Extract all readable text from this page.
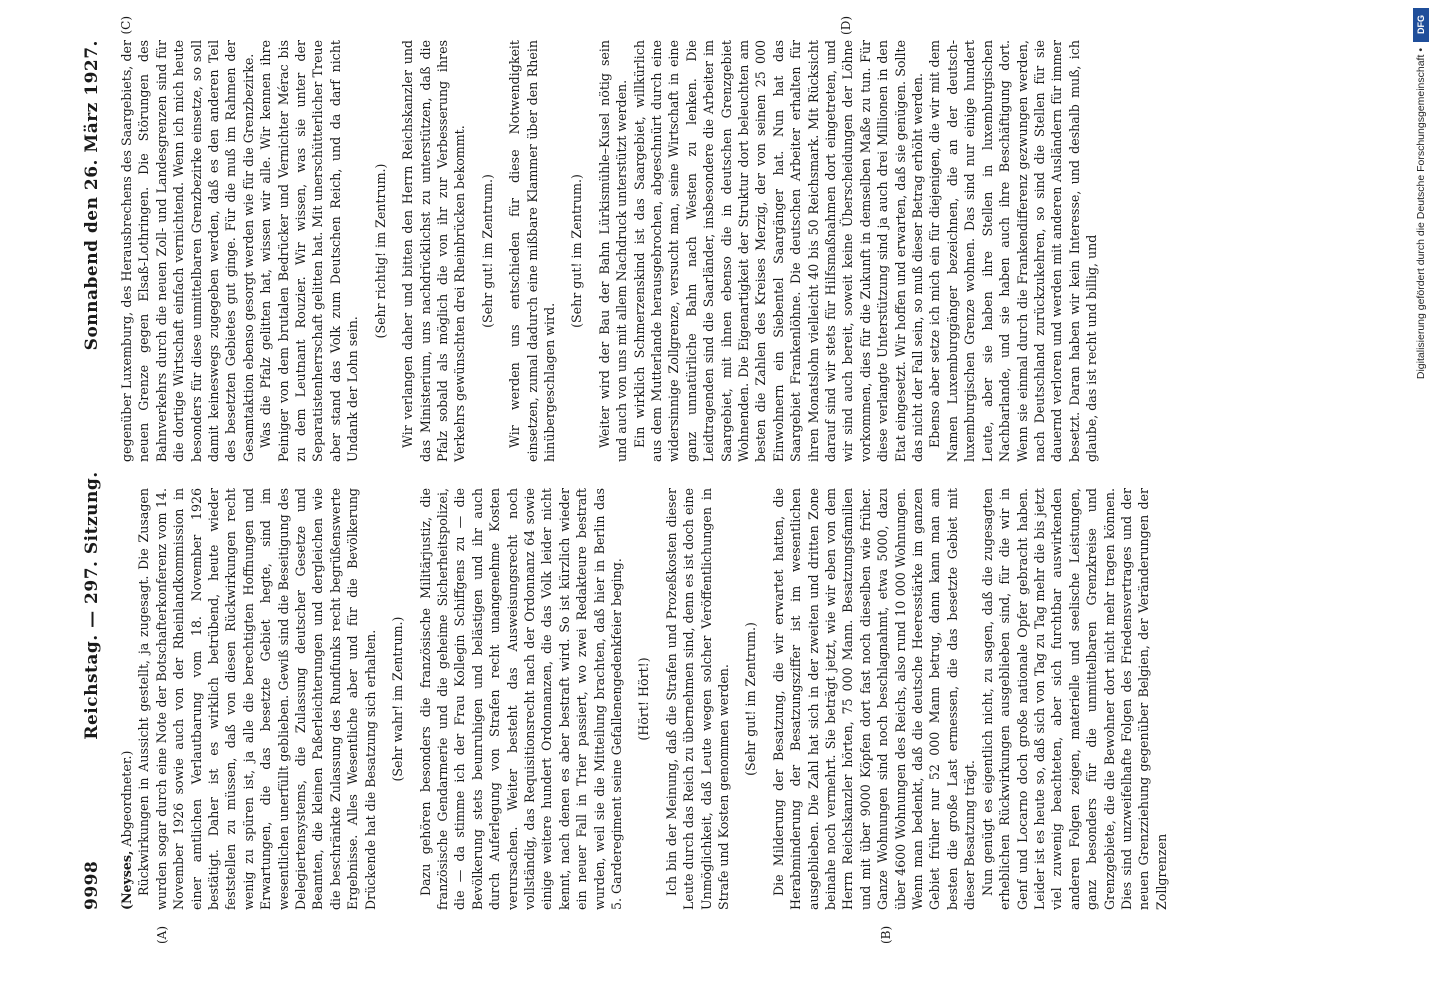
9998
Reichstag. — 297. Sitzung.
Sonnabend den 26. März 1927.
(A)	(B)

(Neyses, Abgeordneter.) Rückwirkungen in Aussicht gestellt, ja zugesagt. Die Zusagen wurden sogar durch eine Note der Botschafterkonferenz vom 14. November 1926 sowie auch von der Rheinlandkommission in einer amtlichen Verlautbarung vom 18. November 1926 bestätigt. Daher ist es wirklich betrübend, heute wieder feststellen zu müssen, daß von diesen Rückwirkungen recht wenig zu spüren ist, ja alle die berechtigten Hoffnungen und Erwartungen, die das besetzte Gebiet hegte, sind im wesentlichen unerfüllt geblieben. Gewiß sind die Beseitigung des Delegiertensystems, die Zulassung deutscher Gesetze und Beamten, die kleinen Paßerleichterungen und dergleichen wie die beschränkte Zulassung des Rundfunks recht begrüßenswerte Ergebnisse. Alles Wesentliche aber und für die Bevölkerung Drückende hat die Besatzung sich erhalten. (Sehr wahr! im Zentrum.) Dazu gehören besonders die französische Militärjustiz, die französische Gendarmerie und die geheime Sicherheitspolizei, die — da stimme ich der Frau Kollegin Schiffgens zu — die Bevölkerung stets beunruhigen und belästigen und ihr auch durch Auferlegung von Strafen recht unangenehme Kosten verursachen. Weiter besteht das Ausweisungsrecht noch vollständig, das Requisitionsrecht nach der Ordonnanz 64 sowie einige weitere hundert Ordonnanzen, die das Volk leider nicht kennt, nach denen es aber bestraft wird. So ist kürzlich wieder ein neuer Fall in Trier passiert, wo zwei Redakteure bestraft wurden, weil sie die Mitteilung brachten, daß hier in Berlin das 5. Garderegiment seine Gefallenengedenkfeier beging. (Hört! Hört!) Ich bin der Meinung, daß die Strafen und Prozeßkosten dieser Leute durch das Reich zu übernehmen sind, denn es ist doch eine Unmöglichkeit, daß Leute wegen solcher Veröffentlichungen in Strafe und Kosten genommen werden. (Sehr gut! im Zentrum.) Die Milderung der Besatzung, die wir erwartet hatten, die Herabminderung der Besatzungsziffer ist im wesentlichen ausgeblieben. Die Zahl hat sich in der zweiten und dritten Zone beinahe noch vermehrt. Sie beträgt jetzt, wie wir eben von dem Herrn Reichskanzler hörten, 75 000 Mann. Besatzungsfamilien und mit über 9000 Köpfen dort fast noch dieselben wie früher. Ganze Wohnungen sind noch beschlagnahmt, etwa 5000, dazu über 4600 Wohnungen des Reichs, also rund 10 000 Wohnungen. Wenn man bedenkt, daß die deutsche Heeresstärke im ganzen Gebiet früher nur 52 000 Mann betrug, dann kann man am besten die große Last ermessen, die das besetzte Gebiet mit dieser Besatzung trägt. Nun genügt es eigentlich nicht, zu sagen, daß die zugesagten erheblichen Rückwirkungen ausgeblieben sind, für die wir in Genf und Locarno doch große nationale Opfer gebracht haben. Leider ist es heute so, daß sich von Tag zu Tag mehr die bis jetzt viel zuwenig beachteten, aber sich furchtbar auswirkenden anderen Folgen zeigen, materielle und seelische Leistungen, ganz besonders für die unmittelbaren Grenzkreise und Grenzgebiete, die die Bewohner dort nicht mehr tragen können. Dies sind unzweifelhafte Folgen des Friedensvertrages und der neuen Grenzziehung gegenüber Belgien, der Veränderungen der Zollgrenzen

(C)	(D)

gegenüber Luxemburg, des Herausbrechens des Saargebiets, der neuen Grenze gegen Elsaß-Lothringen. Die Störungen des Bahnverkehrs durch die neuen Zoll- und Landesgrenzen sind für die dortige Wirtschaft einfach vernichtend. Wenn ich mich heute besonders für diese unmittelbaren Grenzbezirke einsetze, so soll damit keineswegs zugegeben werden, daß es den anderen Teil des besetzten Gebietes gut ginge. Für die muß im Rahmen der Gesamtaktion ebenso gesorgt werden wie für die Grenzbezirke. Was die Pfalz gelitten hat, wissen wir alle. Wir kennen ihre Peiniger von dem brutalen Bedrücker und Vernichter Mérac bis zu dem Leutnant Rouzier. Wir wissen, was sie unter der Separatistenherrschaft gelitten hat. Mit unerschütterlicher Treue aber stand das Volk zum Deutschen Reich, und da darf nicht Undank der Lohn sein.

(Sehr richtig! im Zentrum.) Wir verlangen daher und bitten den Herrn Reichskanzler und das Ministerium, uns nachdrücklichst zu unterstützen, daß die Pfalz sobald als möglich die von ihr zur Verbesserung ihres Verkehrs gewünschten drei Rheinbrücken bekommt. (Sehr gut! im Zentrum.) Wir werden uns entschieden für diese Notwendigkeit einsetzen, zumal dadurch eine mißbare Klammer über den Rhein hinübergeschlagen wird.

(Sehr gut! im Zentrum.) Weiter wird der Bau der Bahn Lürkismühle–Kusel nötig sein und auch von uns mit allem Nachdruck unterstützt werden. Ein wirklich Schmerzenskind ist das Saargebiet, willkürlich aus dem Mutterlande herausgebrochen, abgeschnürt durch eine widersinnige Zollgrenze, versucht man, seine Wirtschaft in eine ganz unnatürliche Bahn nach Westen zu lenken. Die Leidtragenden sind die Saarländer, insbesondere die Arbeiter im Saargebiet, mit ihnen ebenso die in deutschen Grenzgebiet Wohnenden. Die Eigenartigkeit der Struktur dort beleuchten am besten die Zahlen des Kreises Merzig, der von seinen 25 000 Einwohnern ein Siebentel Saargänger hat. Nun hat das Saargebiet Frankenlöhne. Die deutschen Arbeiter erhalten für ihren Monatslohn vielleicht 40 bis 50 Reichsmark. Mit Rücksicht darauf sind wir stets für Hilfsmaßnahmen dort eingetreten, und wir sind auch bereit, soweit keine Überscheidungen der Löhne vorkommen, dies für die Zukunft in demselben Maße zu tun. Für diese verlangte Unterstützung sind ja auch drei Millionen in den Etat eingesetzt. Wir hoffen und erwarten, daß sie genügen. Sollte das nicht der Fall sein, so muß dieser Betrag erhöht werden. Ebenso aber setze ich mich ein für diejenigen, die wir mit dem Namen Luxemburggänger bezeichnen, die an der deutsch-luxemburgischen Grenze wohnen. Das sind nur einige hundert Leute, aber sie haben ihre Stellen in luxemburgischen Nachbarlande, und sie haben auch ihre Beschäftigung dort. Wenn sie einmal durch die Frankendifferenz gezwungen werden, nach Deutschland zurückzukehren, so sind die Stellen für sie dauernd verloren und werden mit anderen Ausländern für immer besetzt. Daran haben wir kein Interesse, und deshalb muß, ich glaube, das ist recht und billig, und

DFG
Digitalisierung gefördert durch die Deutsche Forschungsgemeinschaft •
